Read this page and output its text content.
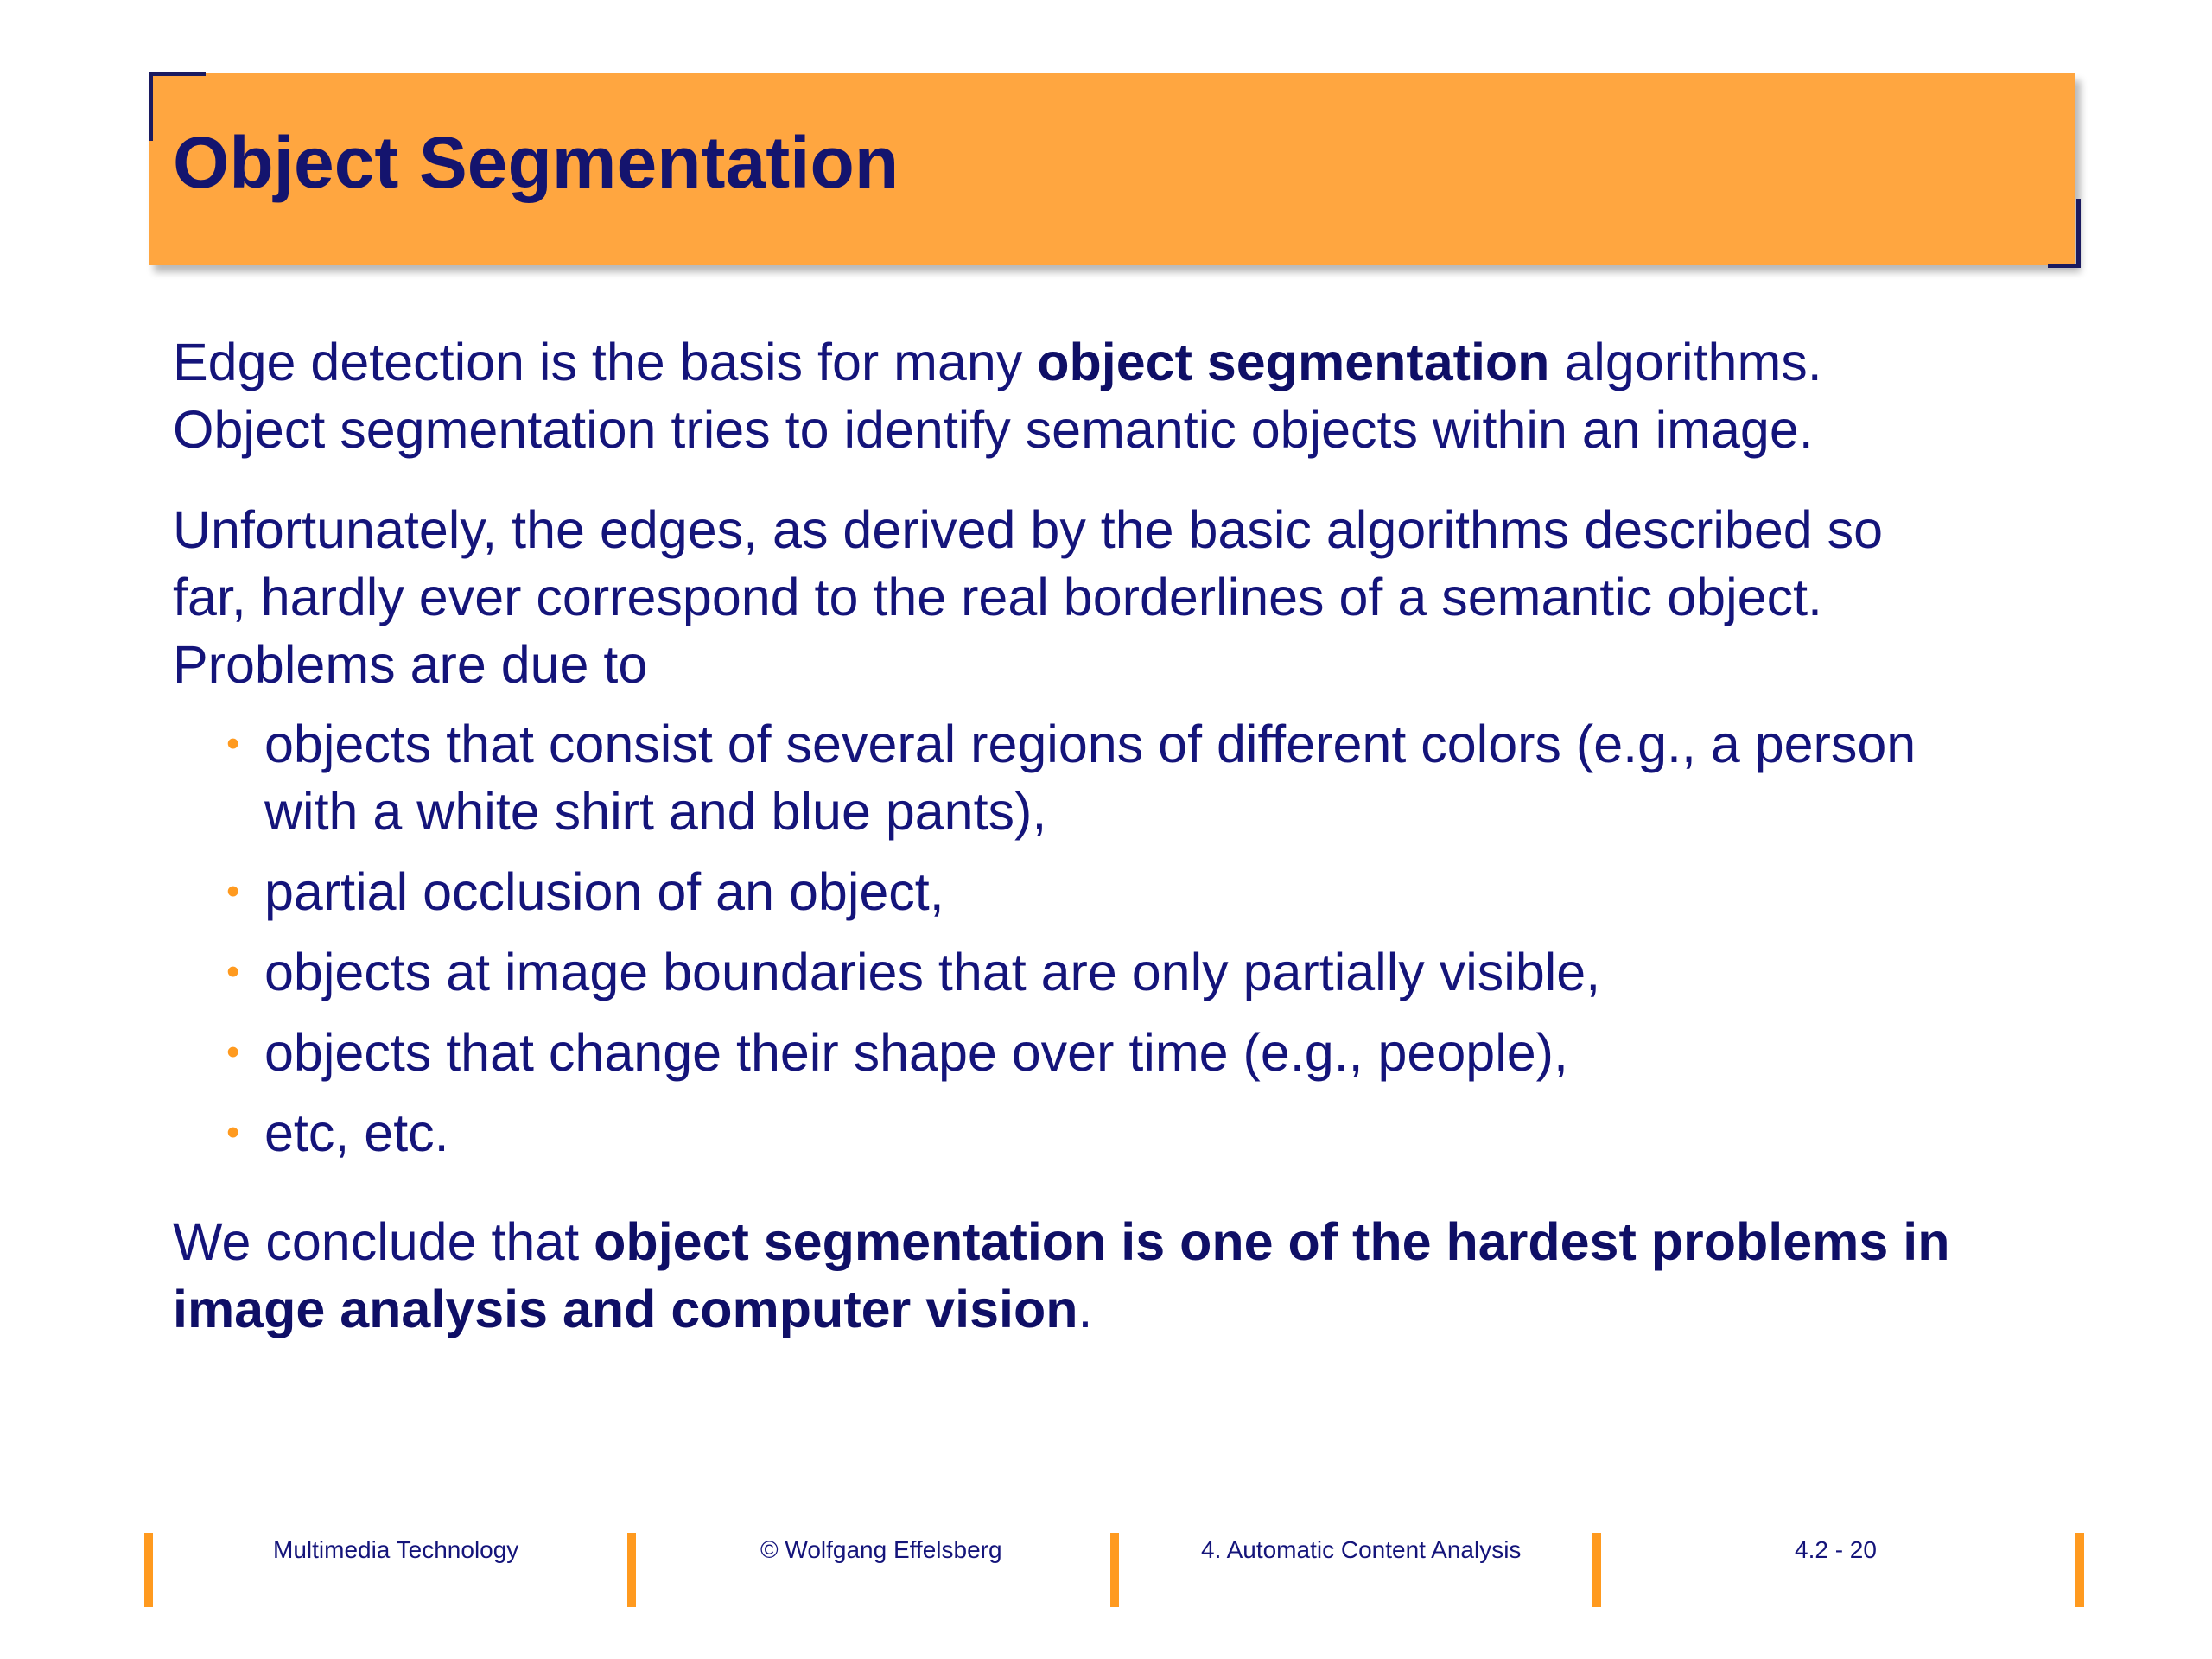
Object Segmentation

Edge detection is the basis for many object segmentation algorithms.
Object segmentation tries to identify semantic objects within an image.

Unfortunately, the edges, as derived by the basic algorithms described so
far, hardly ever correspond to the real borderlines of a semantic object.
Problems are due to

• objects that consist of several regions of different colors (e.g., a person
with a white shirt and blue pants),
• partial occlusion of an object,
• objects at image boundaries that are only partially visible,
• objects that change their shape over time (e.g., people),
• etc, etc.

We conclude that object segmentation is one of the hardest problems in
image analysis and computer vision.

Multimedia Technology	© Wolfgang Effelsberg	4. Automatic Content Analysis	4.2 - 20
